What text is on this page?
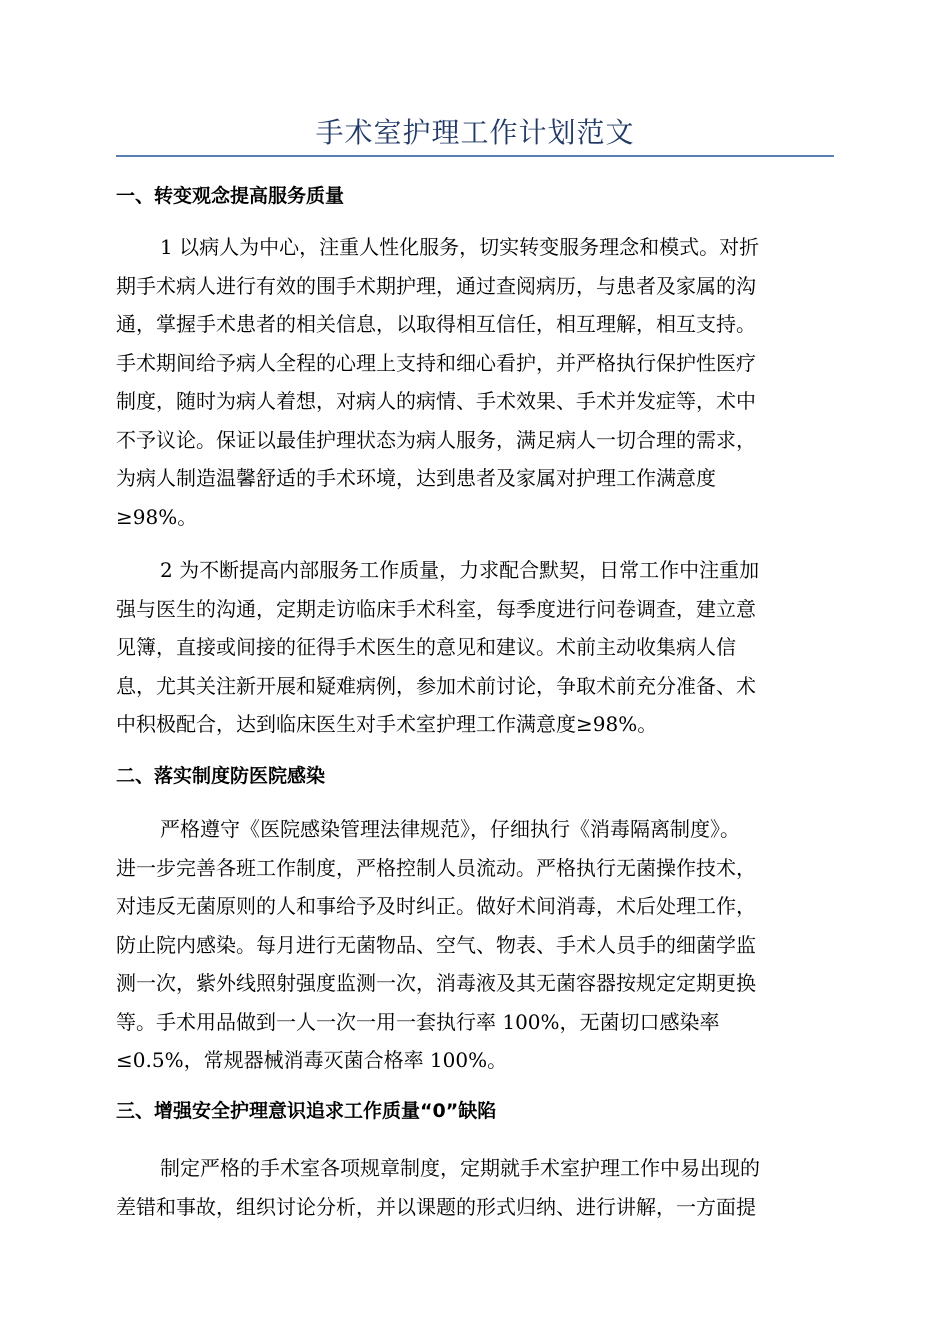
手术室护理工作计划范文
一、转变观念提高服务质量
1 以病人为中心，注重人性化服务，切实转变服务理念和模式。对折
期手术病人进行有效的围手术期护理，通过查阅病历，与患者及家属的沟
通，掌握手术患者的相关信息，以取得相互信任，相互理解，相互支持。
手术期间给予病人全程的心理上支持和细心看护，并严格执行保护性医疗
制度，随时为病人着想，对病人的病情、手术效果、手术并发症等，术中
不予议论。保证以最佳护理状态为病人服务，满足病人一切合理的需求，
为病人制造温馨舒适的手术环境，达到患者及家属对护理工作满意度
≥98%。
2 为不断提高内部服务工作质量，力求配合默契，日常工作中注重加
强与医生的沟通，定期走访临床手术科室，每季度进行问卷调查，建立意
见簿，直接或间接的征得手术医生的意见和建议。术前主动收集病人信
息，尤其关注新开展和疑难病例，参加术前讨论，争取术前充分准备、术
中积极配合，达到临床医生对手术室护理工作满意度≥98%。
二、落实制度防医院感染
严格遵守《医院感染管理法律规范》，仔细执行《消毒隔离制度》。
进一步完善各班工作制度，严格控制人员流动。严格执行无菌操作技术，
对违反无菌原则的人和事给予及时纠正。做好术间消毒，术后处理工作，
防止院内感染。每月进行无菌物品、空气、物表、手术人员手的细菌学监
测一次，紫外线照射强度监测一次，消毒液及其无菌容器按规定定期更换
等。手术用品做到一人一次一用一套执行率 100%，无菌切口感染率
≤0.5%，常规器械消毒灭菌合格率 100%。
三、增强安全护理意识追求工作质量“0”缺陷
制定严格的手术室各项规章制度，定期就手术室护理工作中易出现的
差错和事故，组织讨论分析，并以课题的形式归纳、进行讲解，一方面提
